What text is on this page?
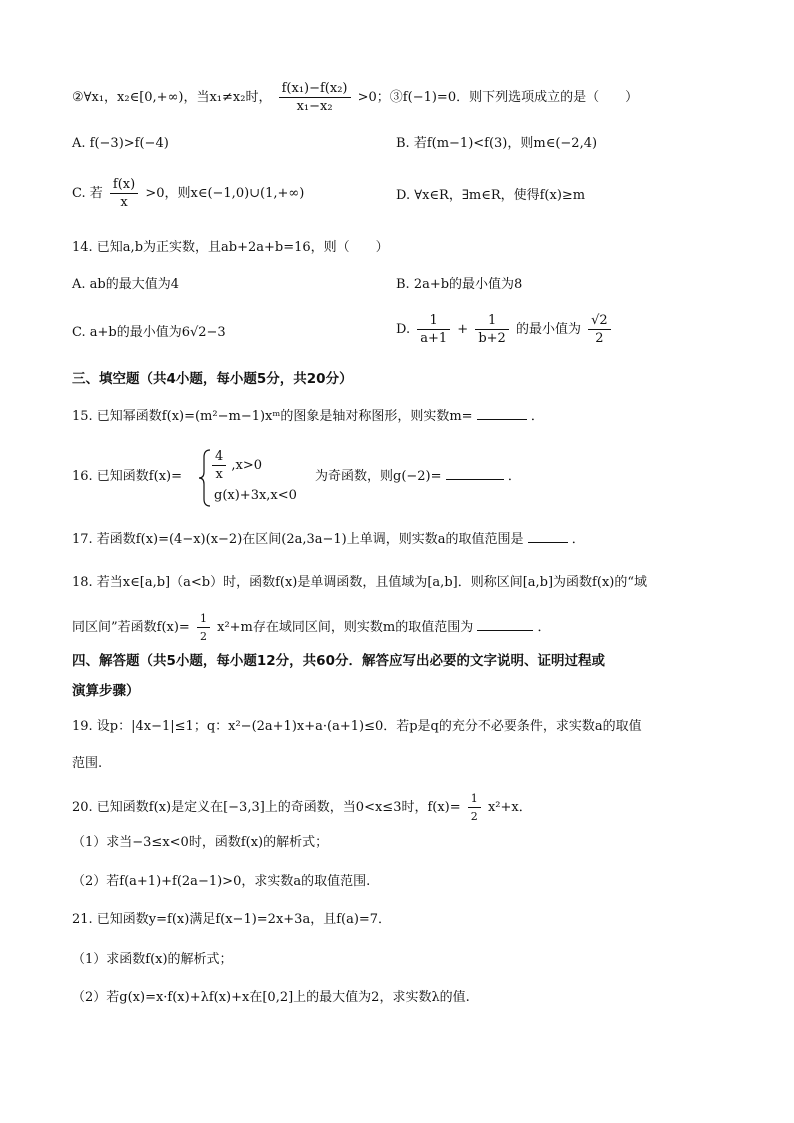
②∀x₁，x₂∈[0,+∞)，当x₁≠x₂时， $\frac{\text{f(x₁)−f(x₂)}}{\text{x₁−x₂}} >0$；③f(−1)=0．则下列选项成立的是（　　）
A. f(−3)>f(−4)	B. 若f(m−1)<f(3)，则m∈(−2,4)
C. 若 $\frac{f(x)}{x} >0$，则x∈(−1,0)∪(1,+∞)	D. ∀x∈R，∃m∈R，使得f(x)≥m
14. 已知a,b为正实数，且ab+2a+b=16，则（　　）
A. ab的最大值为4	B. 2a+b的最小值为8
C. a+b的最小值为6√2−3	D. $\frac{1}{a+1} + \frac{1}{b+2}$ 的最小值为 $\frac{√2}{2}$
三、填空题（共4小题，每小题5分，共20分）
15. 已知幂函数f(x)=(m²−m−1)xᵐ的图象是轴对称图形，则实数m=	．
16. 已知函数$f(x)= \frac{4}{x} ,x>0$
g(x)+3x,x<0
为奇函数，则g(−2)=	．
17. 若函数f(x)=(4−x)(x−2)在区间(2a,3a−1)上单调，则实数a的取值范围是	．
18. 若当x∈[a,b]（a<b）时，函数f(x)是单调函数，且值域为[a,b]．则称区间[a,b]为函数f(x)的“域
同区间”若函数$f(x)= \frac{1}{2} x^2+m$存在域同区间，则实数m的取值范围为	．
四、解答题（共5小题，每小题12分，共60分．解答应写出必要的文字说明、证明过程或
演算步骤）
19. 设p：|4x−1|≤1；q：x²−(2a+1)x+a·(a+1)≤0．若p是q的充分不必要条件，求实数a的取值
范围.
20. 已知函数f(x)是定义在[−3,3]上的奇函数，当0<x≤3时，$f(x)= \frac{1}{2} x^2+x$．
（1）求当−3≤x<0时，函数f(x)的解析式；
（2）若f(a+1)+f(2a−1)>0，求实数a的取值范围.
21. 已知函数y=f(x)满足f(x−1)=2x+3a，且f(a)=7．
（1）求函数f(x)的解析式；
（2）若g(x)=x·f(x)+λf(x)+x在[0,2]上的最大值为2，求实数λ的值.
